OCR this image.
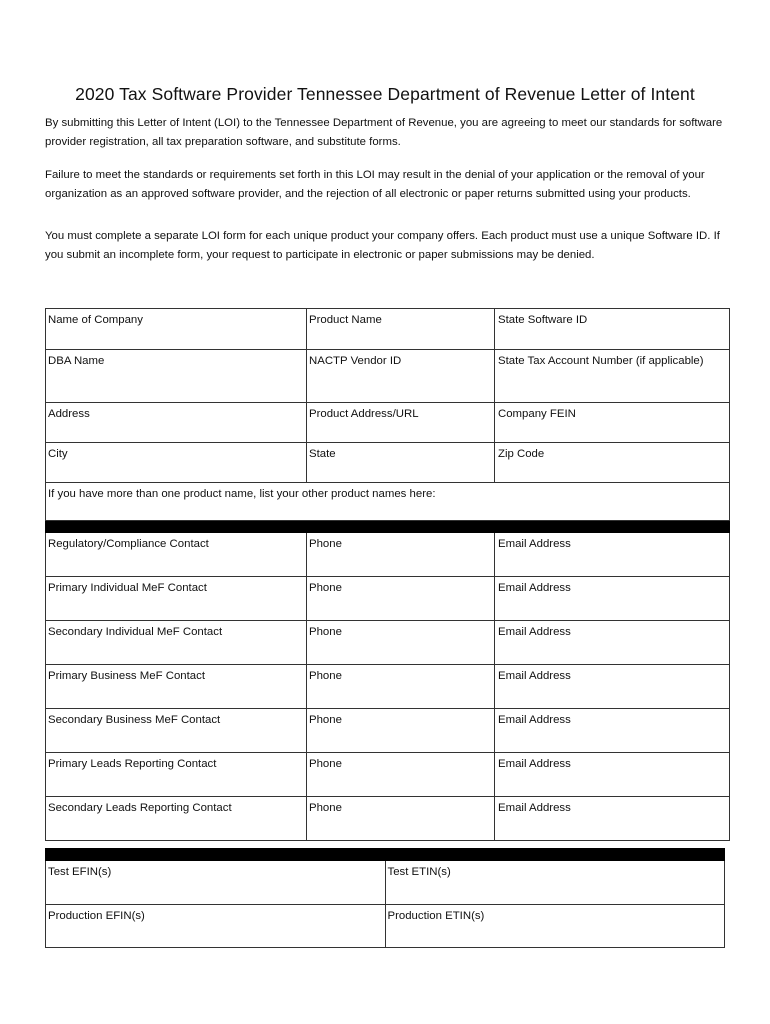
2020 Tax Software Provider Tennessee Department of Revenue Letter of Intent

By submitting this Letter of Intent (LOI) to the Tennessee Department of Revenue, you are agreeing to meet our standards for software provider registration, all tax preparation software, and substitute forms.

Failure to meet the standards or requirements set forth in this LOI may result in the denial of your application or the removal of your organization as an approved software provider, and the rejection of all electronic or paper returns submitted using your products.

You must complete a separate LOI form for each unique product your company offers. Each product must use a unique Software ID. If you submit an incomplete form, your request to participate in electronic or paper submissions may be denied.

Name of Company	Product Name	State Software ID
DBA Name	NACTP Vendor ID	State Tax Account Number (if applicable)
Address	Product Address/URL	Company FEIN
City	State	Zip Code
If you have more than one product name, list your other product names here:		

Regulatory/Compliance Contact	Phone	Email Address
Primary Individual MeF Contact	Phone	Email Address
Secondary Individual MeF Contact	Phone	Email Address
Primary Business MeF Contact	Phone	Email Address
Secondary Business MeF Contact	Phone	Email Address
Primary Leads Reporting Contact	Phone	Email Address
Secondary Leads Reporting Contact	Phone	Email Address

Test EFIN(s)	Test ETIN(s)
Production EFIN(s)	Production ETIN(s)
